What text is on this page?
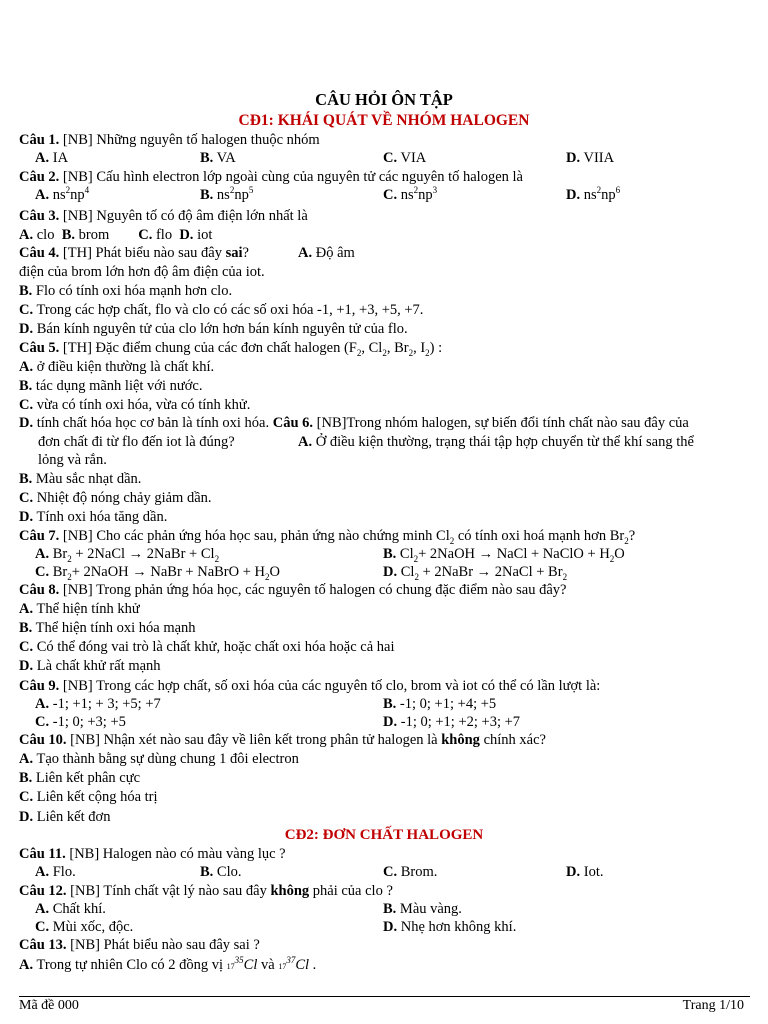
CÂU HỎI ÔN TẬP
CĐ1: KHÁI QUÁT VỀ NHÓM HALOGEN
Câu 1. [NB] Những nguyên tố halogen thuộc nhóm
A. IA	B. VA	C. VIA	D. VIIA
Câu 2. [NB] Cấu hình electron lớp ngoài cùng của nguyên tử các nguyên tố halogen là
A. $ns^2np^4$	B. $ns^2np^5$	C. $ns^2np^3$	D. $ns^2np^6$
Câu 3. [NB] Nguyên tố có độ âm điện lớn nhất là
A. clo B. brom C. flo D. iot
Câu 4. [TH] Phát biểu nào sau đây sai?	A. Độ âm
điện của brom lớn hơn độ âm điện của iot.
B. Flo có tính oxi hóa mạnh hơn clo.
C. Trong các hợp chất, flo và clo có các số oxi hóa -1, +1, +3, +5, +7.
D. Bán kính nguyên tử của clo lớn hơn bán kính nguyên tử của flo.
Câu 5. [TH] Đặc điểm chung của các đơn chất halogen ($F_2$, $Cl_2$, $Br_2$, $I_2$) :
A. ở điều kiện thường là chất khí.
B. tác dụng mãnh liệt với nước.
C. vừa có tính oxi hóa, vừa có tính khử.
D. tính chất hóa học cơ bản là tính oxi hóa. Câu 6. [NB]Trong nhóm halogen, sự biến đổi tính chất nào sau đây của
đơn chất đi từ flo đến iot là đúng?	A. Ở điều kiện thường, trạng thái tập hợp chuyển từ thể khí sang thể
lỏng và rắn.
B. Màu sắc nhạt dần.
C. Nhiệt độ nóng chảy giảm dần.
D. Tính oxi hóa tăng dần.
Câu 7. [NB] Cho các phản ứng hóa học sau, phản ứng nào chứng minh $Cl_2$ có tính oxi hoá mạnh hơn $Br_2$?
A. $Br_2$ + 2NaCl → 2NaBr + $Cl_2$	B. $Cl_2+$ 2NaOH → NaCl + NaClO + $H_2O$
C. $Br_2+$ 2NaOH → NaBr + NaBrO + $H_2O$	D. $Cl_2$ + 2NaBr → 2NaCl + $Br_2$
Câu 8. [NB] Trong phản ứng hóa học, các nguyên tố halogen có chung đặc điểm nào sau đây?
A. Thể hiện tính khử
B. Thể hiện tính oxi hóa mạnh
C. Có thể đóng vai trò là chất khử, hoặc chất oxi hóa hoặc cả hai
D. Là chất khử rất mạnh
Câu 9. [NB] Trong các hợp chất, số oxi hóa của các nguyên tố clo, brom và iot có thể có lần lượt là:
A. -1; +1; + 3; +5; +7	B. -1; 0; +1; +4; +5
C. -1; 0; +3; +5	D. -1; 0; +1; +2; +3; +7
Câu 10. [NB] Nhận xét nào sau đây về liên kết trong phân tử halogen là không chính xác?
A. Tạo thành bằng sự dùng chung 1 đôi electron
B. Liên kết phân cực
C. Liên kết cộng hóa trị
D. Liên kết đơn
CĐ2: ĐƠN CHẤT HALOGEN
Câu 11. [NB] Halogen nào có màu vàng lục ?
A. Flo.	B. Clo.	C. Brom.	D. Iot.
Câu 12. [NB] Tính chất vật lý nào sau đây không phải của clo ?
A. Chất khí.	B. Màu vàng.
C. Mùi xốc, độc.	D. Nhẹ hơn không khí.
Câu 13. [NB] Phát biểu nào sau đây sai ?
A. Trong tự nhiên Clo có 2 đồng vị $17^{35}Cl$ và $17^{37}Cl$ .
Mã đề 000	Trang 1/10
